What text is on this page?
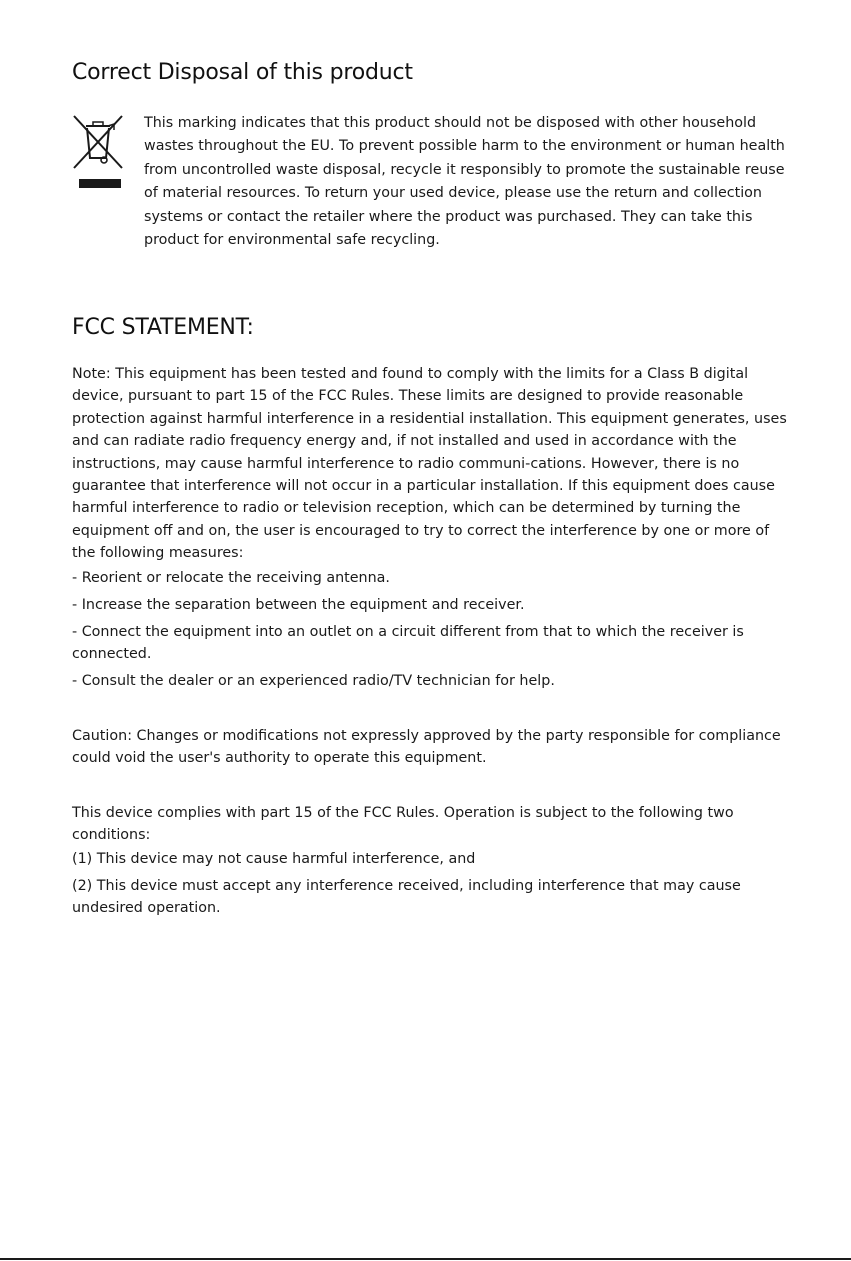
Correct Disposal of this product

This marking indicates that this product should not be disposed with other household wastes throughout the EU. To prevent possible harm to the environment or human health from uncontrolled waste disposal, recycle it responsibly to promote the sustainable reuse of material resources. To return your used device, please use the return and collection systems or contact the retailer where the product was purchased. They can take this product for environmental safe recycling.

FCC STATEMENT:

Note: This equipment has been tested and found to comply with the limits for a Class B digital device, pursuant to part 15 of the FCC Rules. These limits are designed to provide reasonable protection against harmful interference in a residential installation. This equipment generates, uses and can radiate radio frequency energy and, if not installed and used in accordance with the instructions, may cause harmful interference to radio communi-cations. However, there is no guarantee that interference will not occur in a particular installation. If this equipment does cause harmful interference to radio or television reception, which can be determined by turning the equipment off and on, the user is encouraged to try to correct the interference by one or more of the following measures:

- Reorient or relocate the receiving antenna.
- Increase the separation between the equipment and receiver.
- Connect the equipment into an outlet on a circuit different from that to which the receiver is connected.
- Consult the dealer or an experienced radio/TV technician for help.

Caution: Changes or modifications not expressly approved by the party responsible for compliance could void the user's authority to operate this equipment.

This device complies with part 15 of the FCC Rules. Operation is subject to the following two conditions:

(1) This device may not cause harmful interference, and
(2) This device must accept any interference received, including interference that may cause undesired operation.
